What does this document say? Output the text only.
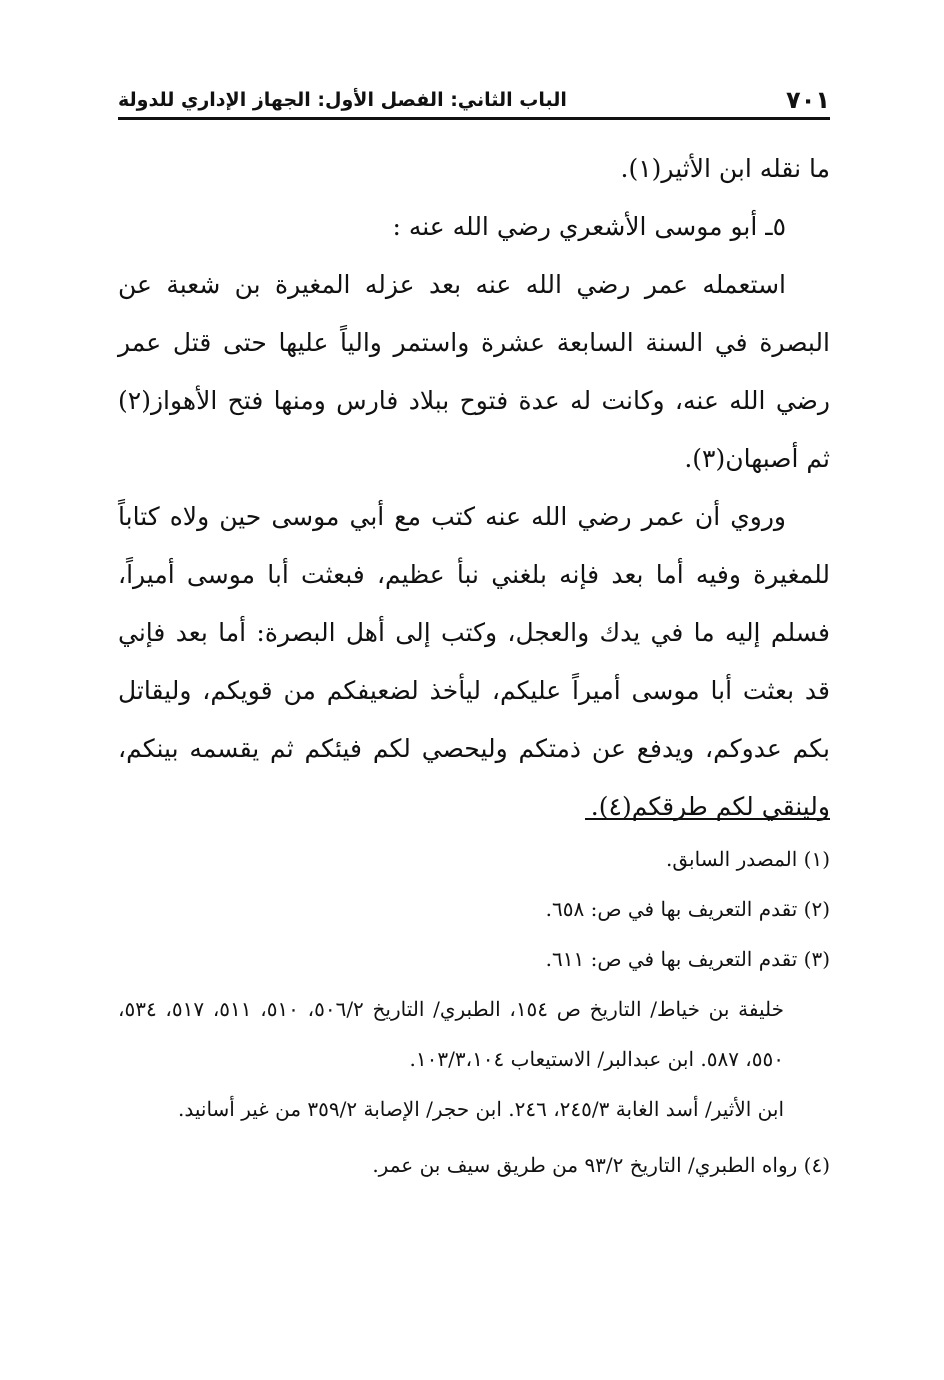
٧٠١
الباب الثاني: الفصل الأول: الجهاز الإداري للدولة

ما نقله ابن الأثير(١).

٥ـ أبو موسى الأشعري رضي الله عنه :

استعمله عمر رضي الله عنه بعد عزله المغيرة بن شعبة عن البصرة في السنة السابعة عشرة واستمر والياً عليها حتى قتل عمر رضي الله عنه، وكانت له عدة فتوح ببلاد فارس ومنها فتح الأهواز(٢) ثم أصبهان(٣).

وروي أن عمر رضي الله عنه كتب مع أبي موسى حين ولاه كتاباً للمغيرة وفيه أما بعد فإنه بلغني نبأ عظيم، فبعثت أبا موسى أميراً، فسلم إليه ما في يدك والعجل، وكتب إلى أهل البصرة: أما بعد فإني قد بعثت أبا موسى أميراً عليكم، ليأخذ لضعيفكم من قويكم، وليقاتل بكم عدوكم، ويدفع عن ذمتكم وليحصي لكم فيئكم ثم يقسمه بينكم، ولينقي لكم طرقكم(٤).

(١) المصدر السابق.

(٢) تقدم التعريف بها في ص: ٦٥٨.

(٣) تقدم التعريف بها في ص: ٦١١.

خليفة بن خياط/ التاريخ ص ١٥٤، الطبري/ التاريخ ٥٠٦/٢، ٥١٠، ٥١١، ٥١٧، ٥٣٤، ٥٥٠، ٥٨٧. ابن عبدالبر/ الاستيعاب ١٠٣/٣،١٠٤.

ابن الأثير/ أسد الغابة ٢٤٥/٣، ٢٤٦. ابن حجر/ الإصابة ٣٥٩/٢ من غير أسانيد.

(٤) رواه الطبري/ التاريخ ٩٣/٢ من طريق سيف بن عمر.
